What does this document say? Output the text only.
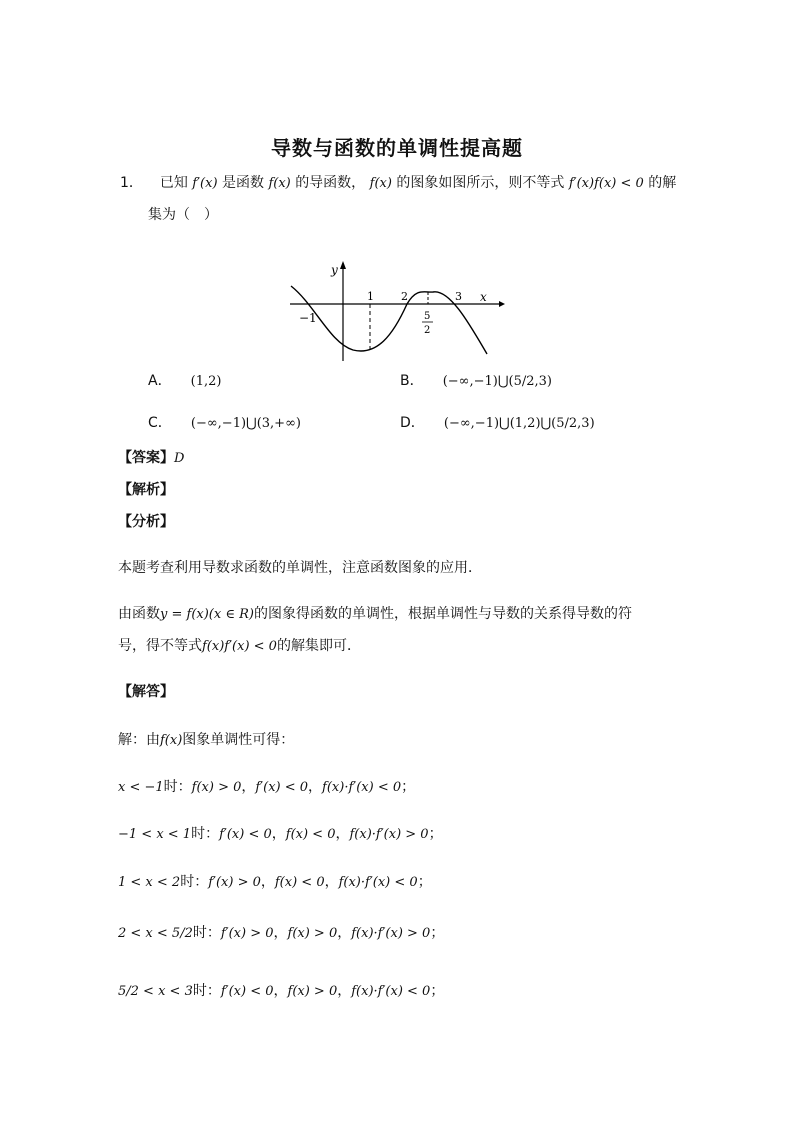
导数与函数的单调性提高题
1． 已知 f′(x) 是函数 f(x) 的导函数， f(x) 的图象如图所示，则不等式 f′(x)f(x) < 0 的解
集为（　）
y
x
−1
1 2	3
5
2
A． (1,2)	B． (−∞,−1)⋃(5/2,3)
C． (−∞,−1)⋃(3,+∞)	D． (−∞,−1)⋃(1,2)⋃(5/2,3)
【答案】D
【解析】
【分析】
本题考查利用导数求函数的单调性，注意函数图象的应用．
由函数y = f(x)(x ∈ R)的图象得函数的单调性，根据单调性与导数的关系得导数的符
号，得不等式f(x)f′(x) < 0的解集即可．
【解答】
解：由f(x)图象单调性可得：
x < −1时：f(x) > 0，f′(x) < 0，f(x)·f′(x) < 0；
−1 < x < 1时：f′(x) < 0，f(x) < 0，f(x)·f′(x) > 0；
1 < x < 2时：f′(x) > 0，f(x) < 0，f(x)·f′(x) < 0；
2 < x < 5/2时：f′(x) > 0，f(x) > 0，f(x)·f′(x) > 0；
5/2 < x < 3时：f′(x) < 0，f(x) > 0，f(x)·f′(x) < 0；
